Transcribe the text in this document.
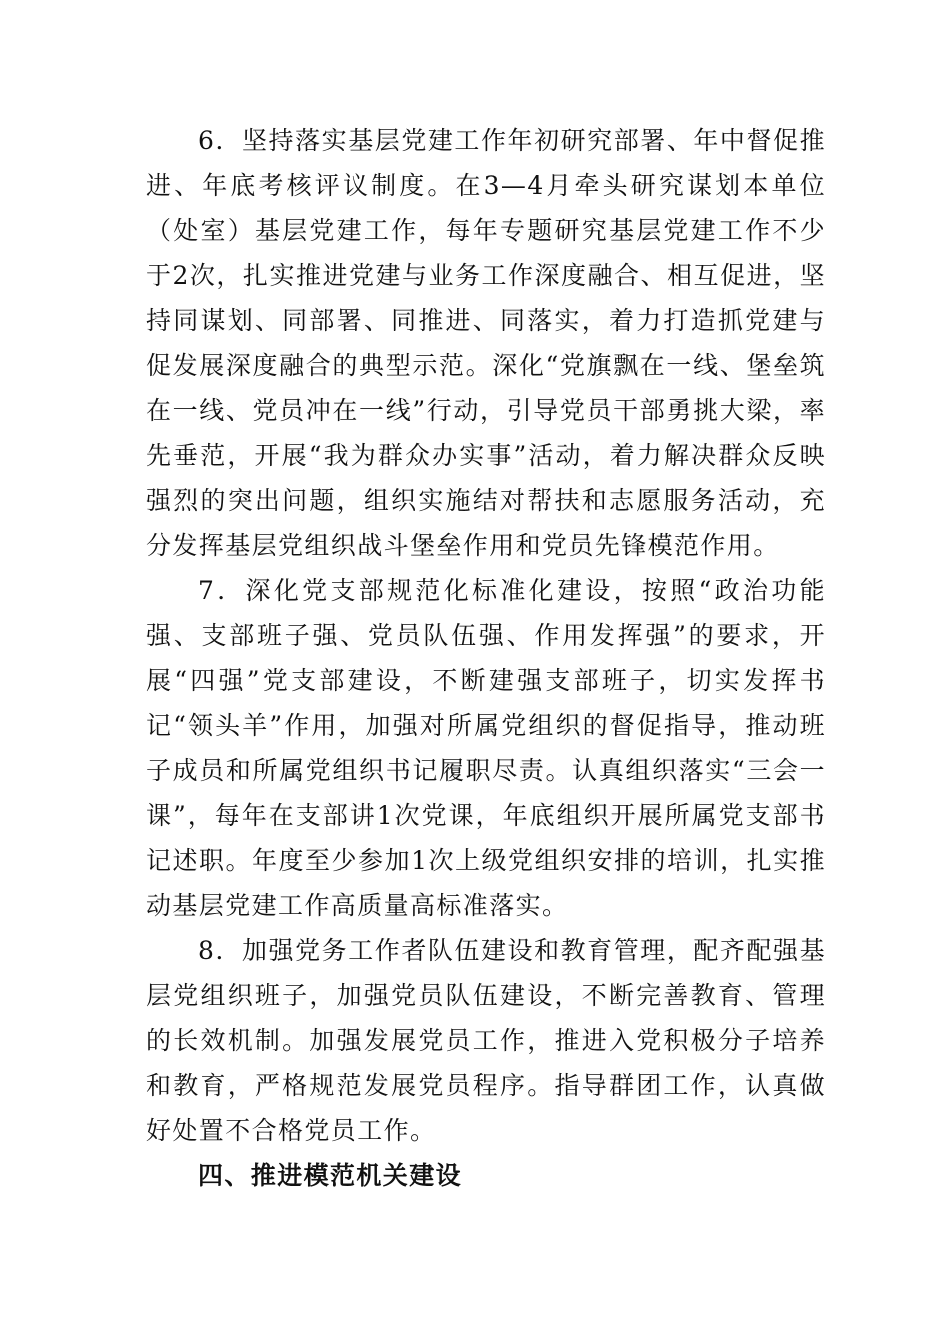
6．坚持落实基层党建工作年初研究部署、年中督促推进、年底考核评议制度。在3—4月牵头研究谋划本单位（处室）基层党建工作，每年专题研究基层党建工作不少于2次，扎实推进党建与业务工作深度融合、相互促进，坚持同谋划、同部署、同推进、同落实，着力打造抓党建与促发展深度融合的典型示范。深化“党旗飘在一线、堡垒筑在一线、党员冲在一线”行动，引导党员干部勇挑大梁，率先垂范，开展“我为群众办实事”活动，着力解决群众反映强烈的突出问题，组织实施结对帮扶和志愿服务活动，充分发挥基层党组织战斗堡垒作用和党员先锋模范作用。

7．深化党支部规范化标准化建设，按照“政治功能强、支部班子强、党员队伍强、作用发挥强”的要求，开展“四强”党支部建设，不断建强支部班子，切实发挥书记“领头羊”作用，加强对所属党组织的督促指导，推动班子成员和所属党组织书记履职尽责。认真组织落实“三会一课”，每年在支部讲1次党课，年底组织开展所属党支部书记述职。年度至少参加1次上级党组织安排的培训，扎实推动基层党建工作高质量高标准落实。

8．加强党务工作者队伍建设和教育管理，配齐配强基层党组织班子，加强党员队伍建设，不断完善教育、管理的长效机制。加强发展党员工作，推进入党积极分子培养和教育，严格规范发展党员程序。指导群团工作，认真做好处置不合格党员工作。

四、推进模范机关建设
